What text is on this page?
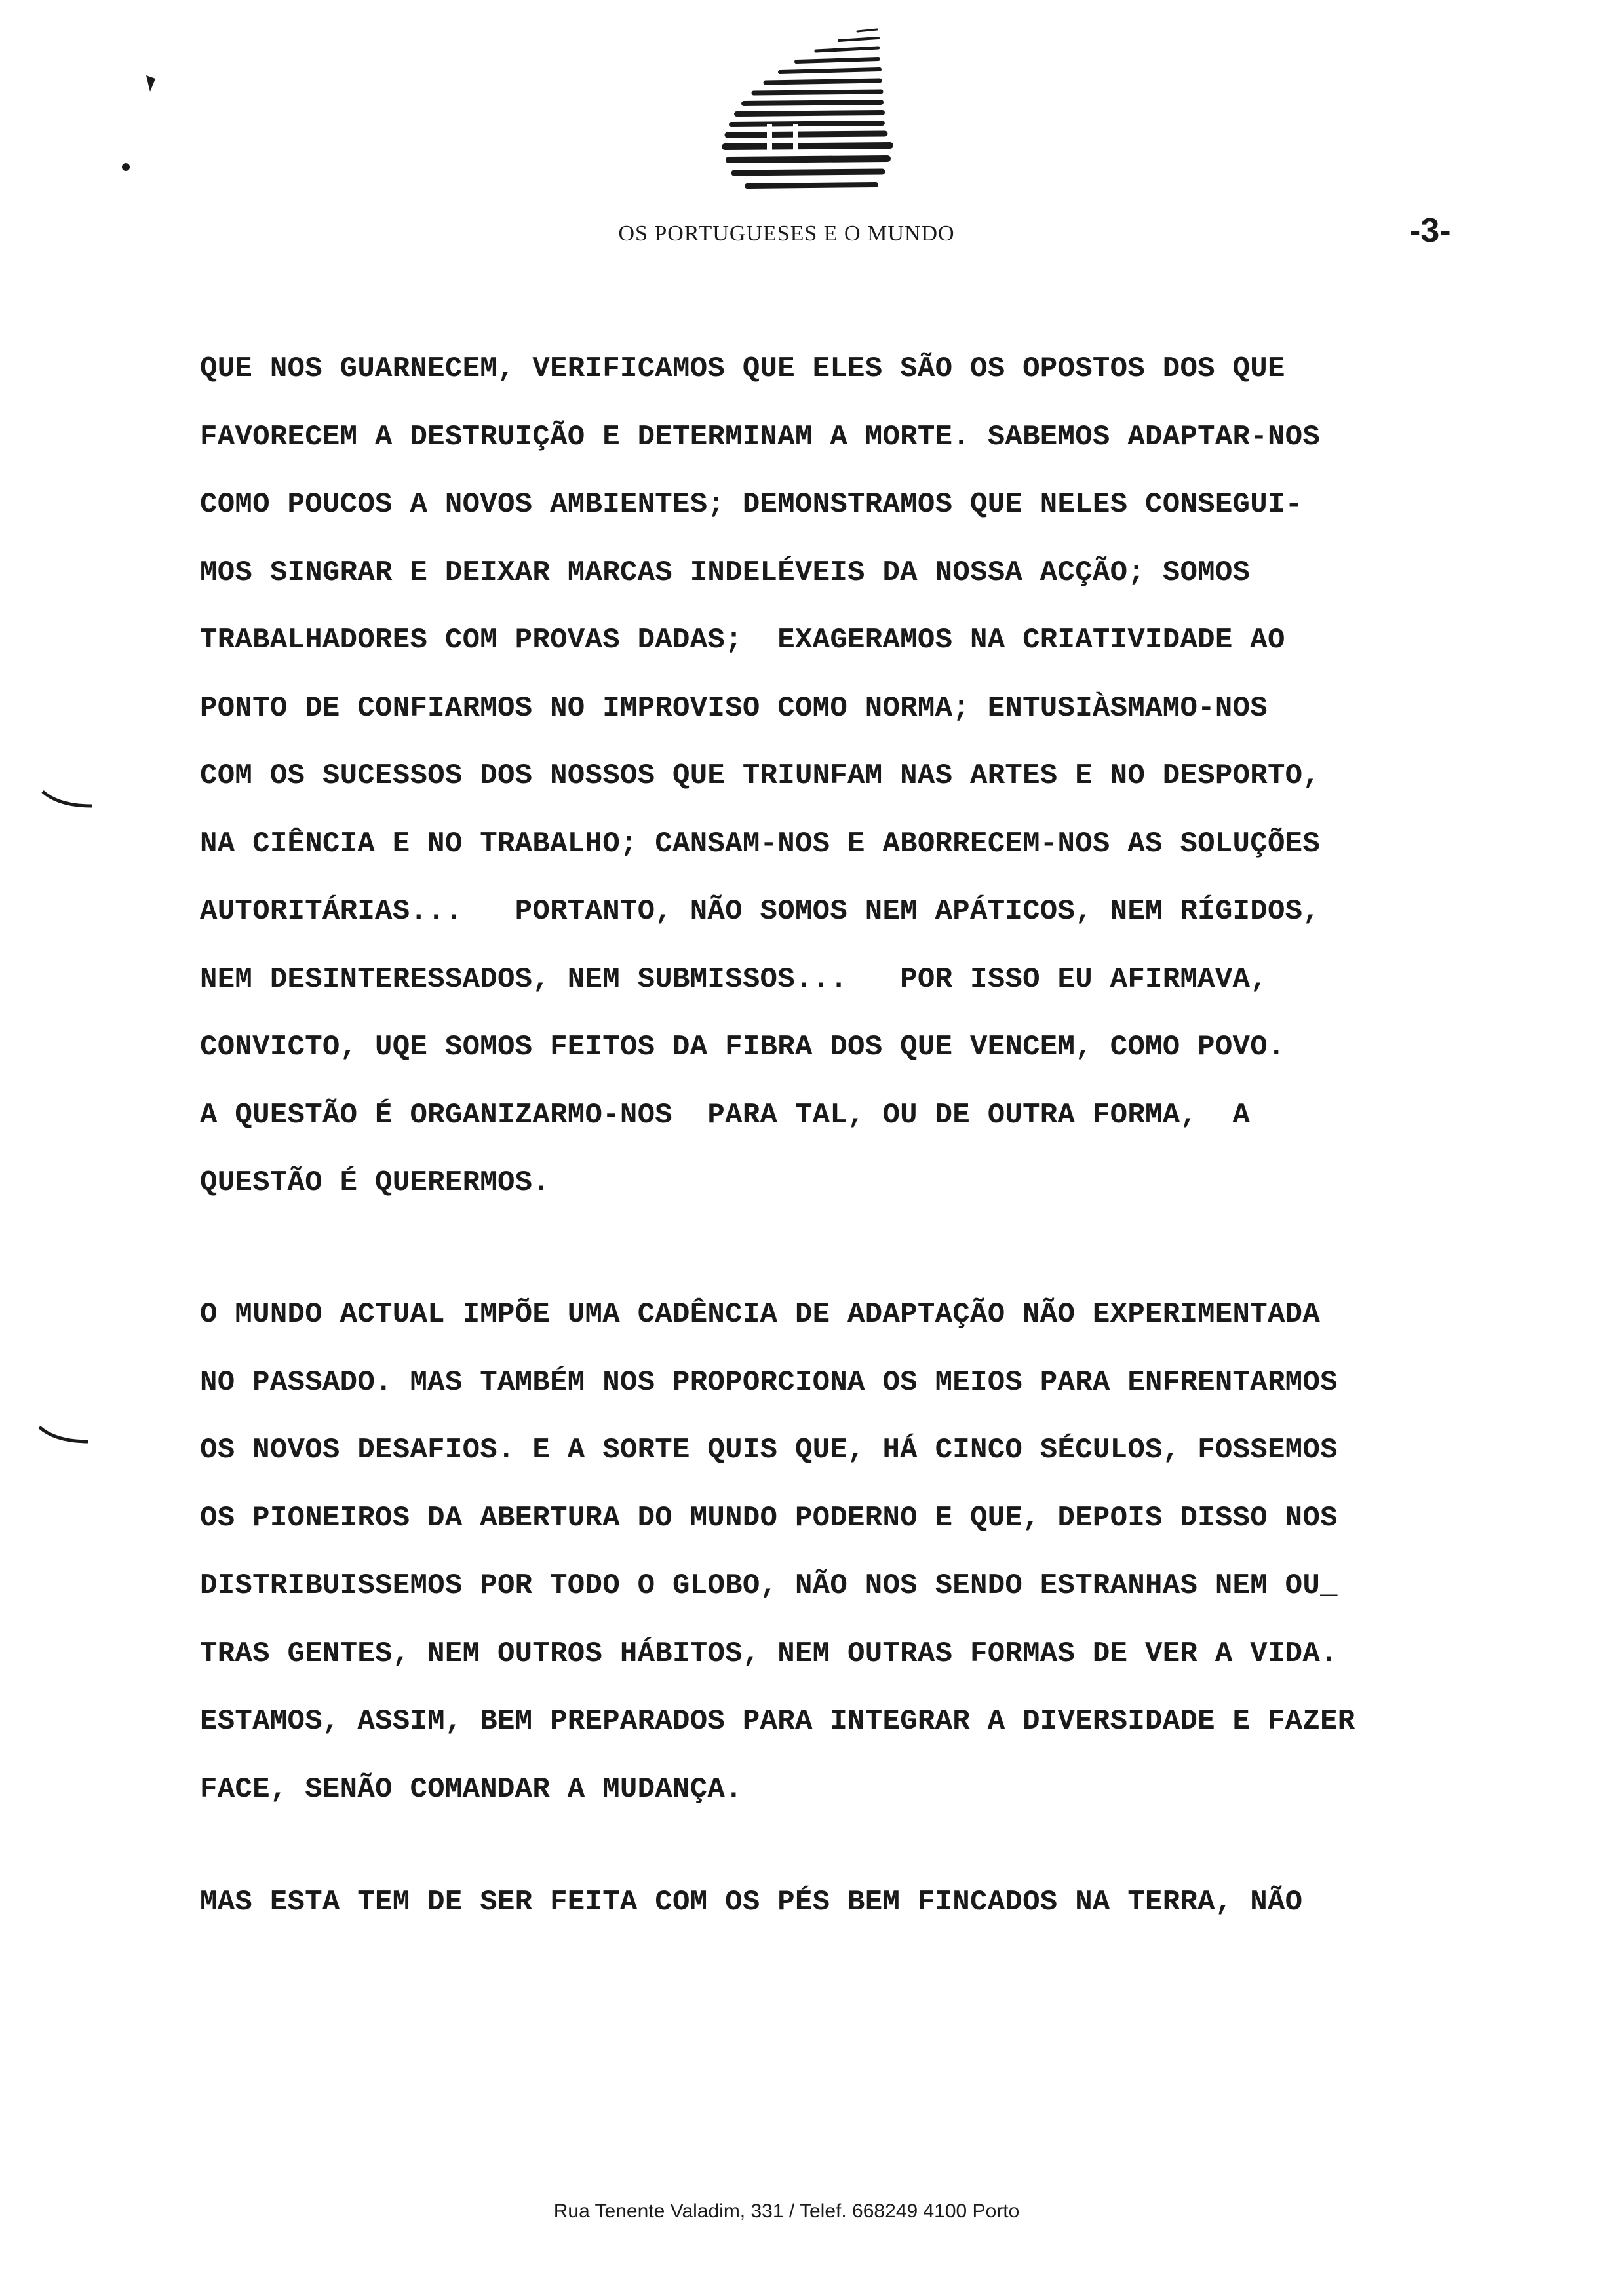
OS PORTUGUESES E O MUNDO	-3-
QUE NOS GUARNECEM, VERIFICAMOS QUE ELES SÃO OS OPOSTOS DOS QUE
FAVORECEM A DESTRUIÇÃO E DETERMINAM A MORTE. SABEMOS ADAPTAR-NOS
COMO POUCOS A NOVOS AMBIENTES; DEMONSTRAMOS QUE NELES CONSEGUI-
MOS SINGRAR E DEIXAR MARCAS INDELÉVEIS DA NOSSA ACÇÃO; SOMOS
TRABALHADORES COM PROVAS DADAS;  EXAGERAMOS NA CRIATIVIDADE AO
PONTO DE CONFIARMOS NO IMPROVISO COMO NORMA; ENTUSIÀSMAMO-NOS
COM OS SUCESSOS DOS NOSSOS QUE TRIUNFAM NAS ARTES E NO DESPORTO,
NA CIÊNCIA E NO TRABALHO; CANSAM-NOS E ABORRECEM-NOS AS SOLUÇÕES
AUTORITÁRIAS...   PORTANTO, NÃO SOMOS NEM APÁTICOS, NEM RÍGIDOS,
NEM DESINTERESSADOS, NEM SUBMISSOS...   POR ISSO EU AFIRMAVA,
CONVICTO, UQE SOMOS FEITOS DA FIBRA DOS QUE VENCEM, COMO POVO.
A QUESTÃO É ORGANIZARMO-NOS  PARA TAL, OU DE OUTRA FORMA,  A
QUESTÃO É QUERERMOS.
O MUNDO ACTUAL IMPÕE UMA CADÊNCIA DE ADAPTAÇÃO NÃO EXPERIMENTADA
NO PASSADO. MAS TAMBÉM NOS PROPORCIONA OS MEIOS PARA ENFRENTARMOS
OS NOVOS DESAFIOS. E A SORTE QUIS QUE, HÁ CINCO SÉCULOS, FOSSEMOS
OS PIONEIROS DA ABERTURA DO MUNDO PODERNO E QUE, DEPOIS DISSO NOS
DISTRIBUISSEMOS POR TODO O GLOBO, NÃO NOS SENDO ESTRANHAS NEM OU_
TRAS GENTES, NEM OUTROS HÁBITOS, NEM OUTRAS FORMAS DE VER A VIDA.
ESTAMOS, ASSIM, BEM PREPARADOS PARA INTEGRAR A DIVERSIDADE E FAZER
FACE, SENÃO COMANDAR A MUDANÇA.
MAS ESTA TEM DE SER FEITA COM OS PÉS BEM FINCADOS NA TERRA, NÃO
Rua Tenente Valadim, 331 / Telef. 668249 4100 Porto
